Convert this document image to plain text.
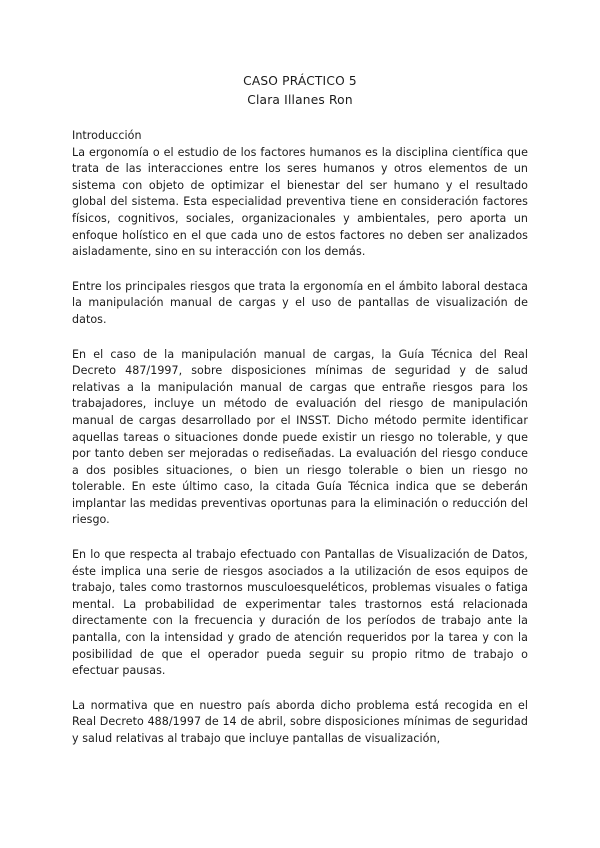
CASO PRÁCTICO 5
Clara Illanes Ron
Introducción

La ergonomía o el estudio de los factores humanos es la disciplina científica que trata de las interacciones entre los seres humanos y otros elementos de un sistema con objeto de optimizar el bienestar del ser humano y el resultado global del sistema. Esta especialidad preventiva tiene en consideración factores físicos, cognitivos, sociales, organizacionales y ambientales, pero aporta un enfoque holístico en el que cada uno de estos factores no deben ser analizados aisladamente, sino en su interacción con los demás.

Entre los principales riesgos que trata la ergonomía en el ámbito laboral destaca la manipulación manual de cargas y el uso de pantallas de visualización de datos.

En el caso de la manipulación manual de cargas, la Guía Técnica del Real Decreto 487/1997, sobre disposiciones mínimas de seguridad y de salud relativas a la manipulación manual de cargas que entrañe riesgos para los trabajadores, incluye un método de evaluación del riesgo de manipulación manual de cargas desarrollado por el INSST. Dicho método permite identificar aquellas tareas o situaciones donde puede existir un riesgo no tolerable, y que por tanto deben ser mejoradas o rediseñadas. La evaluación del riesgo conduce a dos posibles situaciones, o bien un riesgo tolerable o bien un riesgo no tolerable. En este último caso, la citada Guía Técnica indica que se deberán implantar las medidas preventivas oportunas para la eliminación o reducción del riesgo.

En lo que respecta al trabajo efectuado con Pantallas de Visualización de Datos, éste implica una serie de riesgos asociados a la utilización de esos equipos de trabajo, tales como trastornos musculoesqueléticos, problemas visuales o fatiga mental. La probabilidad de experimentar tales trastornos está relacionada directamente con la frecuencia y duración de los períodos de trabajo ante la pantalla, con la intensidad y grado de atención requeridos por la tarea y con la posibilidad de que el operador pueda seguir su propio ritmo de trabajo o efectuar pausas.

La normativa que en nuestro país aborda dicho problema está recogida en el Real Decreto 488/1997 de 14 de abril, sobre disposiciones mínimas de seguridad y salud relativas al trabajo que incluye pantallas de visualización,
